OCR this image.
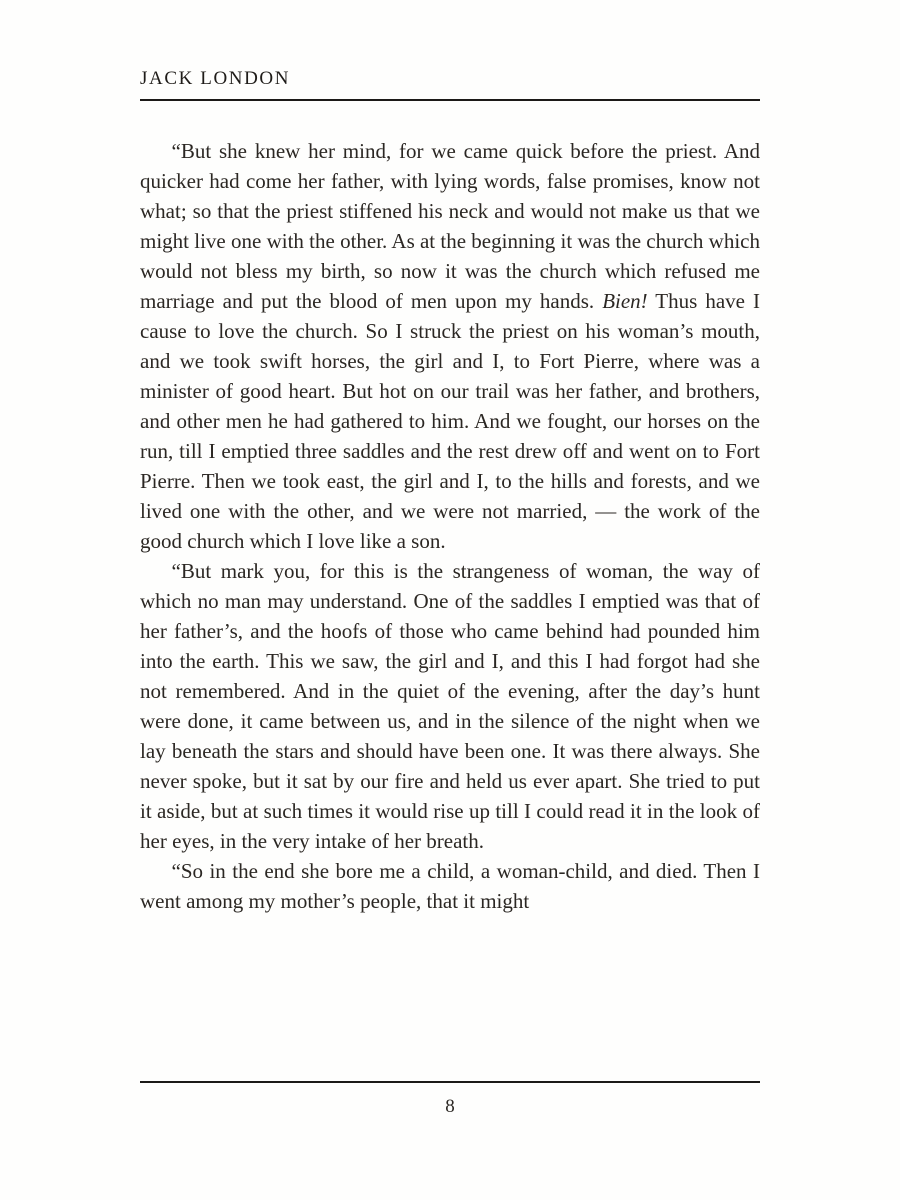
JACK LONDON

“But she knew her mind, for we came quick before the priest. And quicker had come her father, with lying words, false promises, know not what; so that the priest stiffened his neck and would not make us that we might live one with the other. As at the beginning it was the church which would not bless my birth, so now it was the church which refused me marriage and put the blood of men upon my hands. Bien! Thus have I cause to love the church. So I struck the priest on his woman’s mouth, and we took swift horses, the girl and I, to Fort Pierre, where was a minister of good heart. But hot on our trail was her father, and brothers, and other men he had gathered to him. And we fought, our horses on the run, till I emptied three saddles and the rest drew off and went on to Fort Pierre. Then we took east, the girl and I, to the hills and forests, and we lived one with the other, and we were not married, — the work of the good church which I love like a son.

“But mark you, for this is the strangeness of woman, the way of which no man may understand. One of the saddles I emptied was that of her father’s, and the hoofs of those who came behind had pounded him into the earth. This we saw, the girl and I, and this I had forgot had she not remembered. And in the quiet of the evening, after the day’s hunt were done, it came between us, and in the silence of the night when we lay beneath the stars and should have been one. It was there always. She never spoke, but it sat by our fire and held us ever apart. She tried to put it aside, but at such times it would rise up till I could read it in the look of her eyes, in the very intake of her breath.

“So in the end she bore me a child, a woman-child, and died. Then I went among my mother’s people, that it might

8
